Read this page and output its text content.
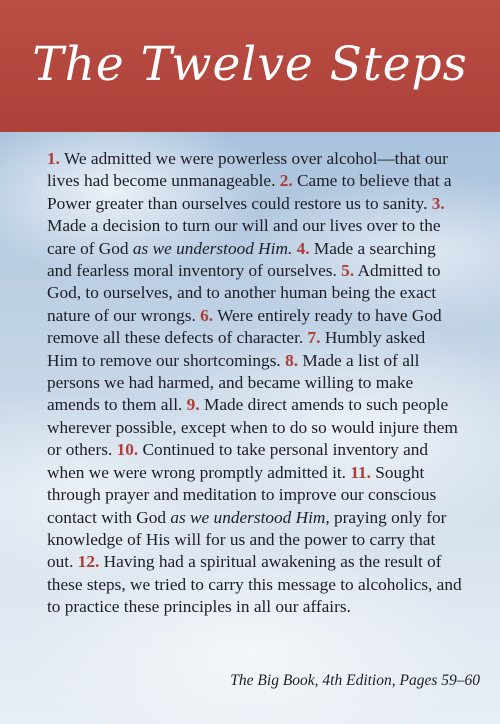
The Twelve Steps

1. We admitted we were powerless over alcohol—that our
lives had become unmanageable. 2. Came to believe that a
Power greater than ourselves could restore us to sanity. 3.
Made a decision to turn our will and our lives over to the
care of God as we understood Him. 4. Made a searching
and fearless moral inventory of ourselves. 5. Admitted to
God, to ourselves, and to another human being the exact
nature of our wrongs. 6. Were entirely ready to have God
remove all these defects of character. 7. Humbly asked
Him to remove our shortcomings. 8. Made a list of all
persons we had harmed, and became willing to make
amends to them all. 9. Made direct amends to such people
wherever possible, except when to do so would injure them
or others. 10. Continued to take personal inventory and
when we were wrong promptly admitted it. 11. Sought
through prayer and meditation to improve our conscious
contact with God as we understood Him, praying only for
knowledge of His will for us and the power to carry that
out. 12. Having had a spiritual awakening as the result of
these steps, we tried to carry this message to alcoholics, and
to practice these principles in all our affairs.

The Big Book, 4th Edition, Pages 59–60
